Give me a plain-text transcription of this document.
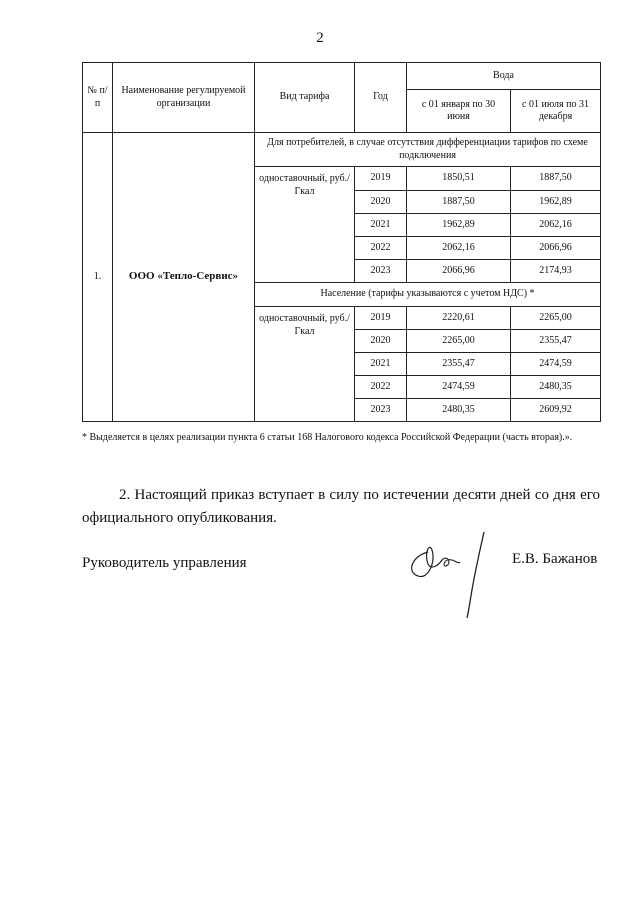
2
№ п/п	Наименование регулируемой организации	Вид тарифа	Год	Вода	
				с 01 января по 30 июня	с 01 июля по 31 декабря
1.	ООО «Тепло-Сервис»	Для потребителей, в случае отсутствия дифференциации тарифов по схеме подключения			
		одноставочный, руб./Гкал	2019	1850,51	1887,50
			2020	1887,50	1962,89
			2021	1962,89	2062,16
			2022	2062,16	2066,96
			2023	2066,96	2174,93
		Население (тарифы указываются с учетом НДС) *			
		одноставочный, руб./Гкал	2019	2220,61	2265,00
			2020	2265,00	2355,47
			2021	2355,47	2474,59
			2022	2474,59	2480,35
			2023	2480,35	2609,92
* Выделяется в целях реализации пункта 6 статьи 168 Налогового кодекса Российской Федерации (часть вторая).».
2. Настоящий приказ вступает в силу по истечении десяти дней со дня его официального опубликования.
Руководитель управления	Е.В. Бажанов
